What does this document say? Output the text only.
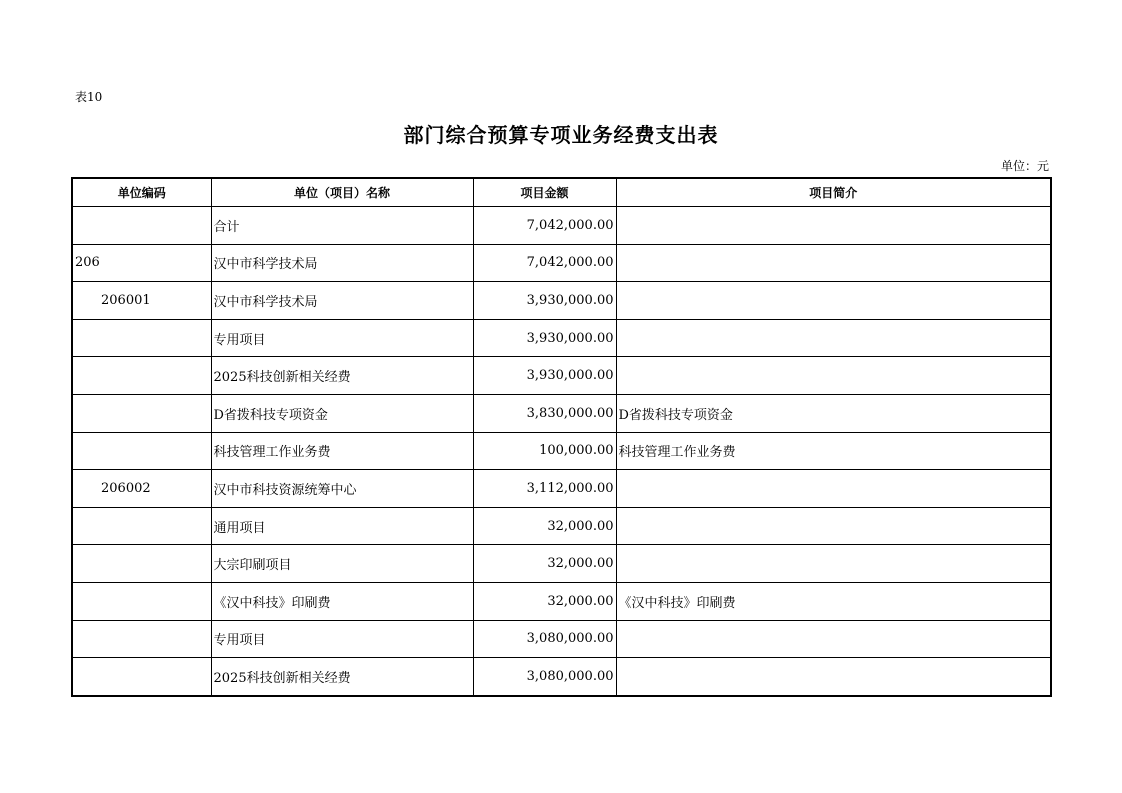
表10
部门综合预算专项业务经费支出表
单位：元
单位编码	单位（项目）名称	项目金额	项目简介
	合计	7,042,000.00	
206	汉中市科学技术局	7,042,000.00	
206001	汉中市科学技术局	3,930,000.00	
	专用项目	3,930,000.00	
	2025科技创新相关经费	3,930,000.00	
	D省拨科技专项资金	3,830,000.00	D省拨科技专项资金
	科技管理工作业务费	100,000.00	科技管理工作业务费
206002	汉中市科技资源统筹中心	3,112,000.00	
	通用项目	32,000.00	
	大宗印刷项目	32,000.00	
	《汉中科技》印刷费	32,000.00	《汉中科技》印刷费
	专用项目	3,080,000.00	
	2025科技创新相关经费	3,080,000.00	
